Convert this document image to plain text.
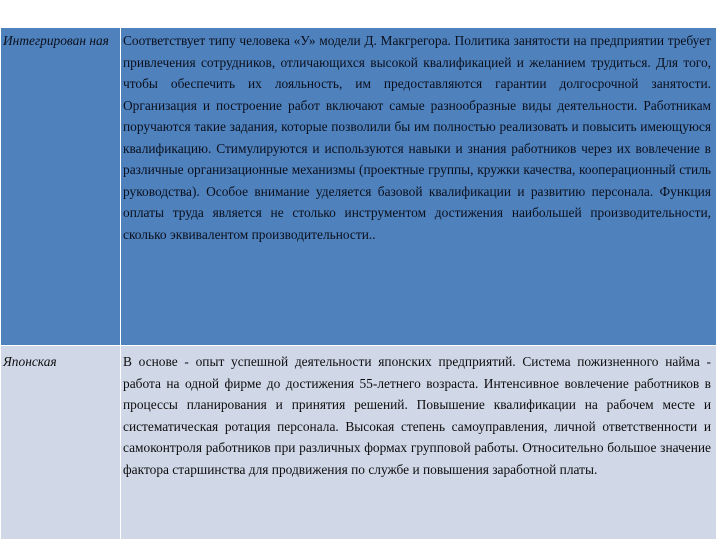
Интегрирован ная	Соответствует типу человека «У» модели Д. Макгрегора. Политика занятости на предприятии требует привлечения сотрудников, отличающихся высокой квалификацией и желанием трудиться. Для того, чтобы обеспечить их лояльность, им предоставляются гарантии долгосрочной занятости. Организация и построение работ включают самые разнообразные виды деятельности. Работникам поручаются такие задания, которые позволили бы им полностью реализовать и повысить имеющуюся квалификацию. Стимулируются и используются навыки и знания работников через их вовлечение в различные организационные механизмы (проектные группы, кружки качества, кооперационный стиль руководства). Особое внимание уделяется базовой квалификации и развитию персонала. Функция оплаты труда является не столько инструментом достижения наибольшей производительности, сколько эквивалентом производительности..
Японская	В основе - опыт успешной деятельности японских предприятий. Система пожизненного найма - работа на одной фирме до достижения 55-летнего возраста. Интенсивное вовлечение работников в процессы планирования и принятия решений. Повышение квалификации на рабочем месте и систематическая ротация персонала. Высокая степень самоуправления, личной ответственности и самоконтроля работников при различных формах групповой работы. Относительно большое значение фактора старшинства для продвижения по службе и повышения заработной платы.
